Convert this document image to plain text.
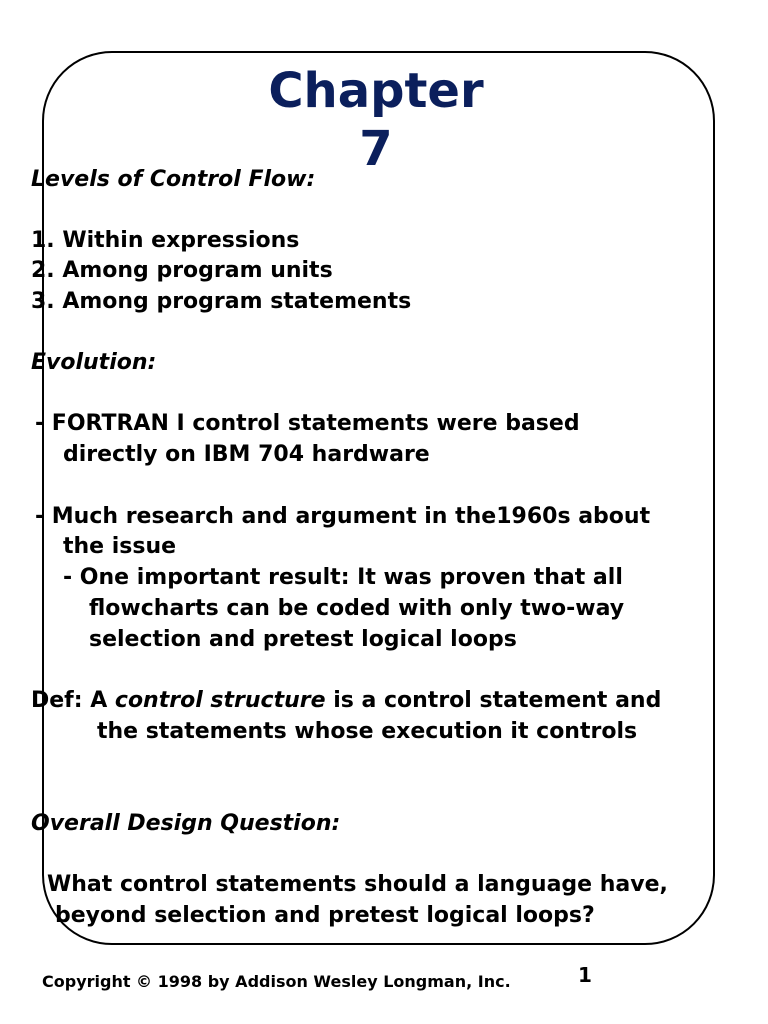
Chapter
7
Levels of Control Flow:
1. Within expressions
2. Among program units
3. Among program statements
Evolution:
- FORTRAN I control statements were based
directly on IBM 704 hardware
- Much research and argument in the1960s about
the issue
- One important result: It was proven that all
flowcharts can be coded with only two-way
selection and pretest logical loops
Def: A control structure is a control statement and
the statements whose execution it controls
Overall Design Question:
What control statements should a language have,
beyond selection and pretest logical loops?
Copyright © 1998 by Addison Wesley Longman, Inc.	1
